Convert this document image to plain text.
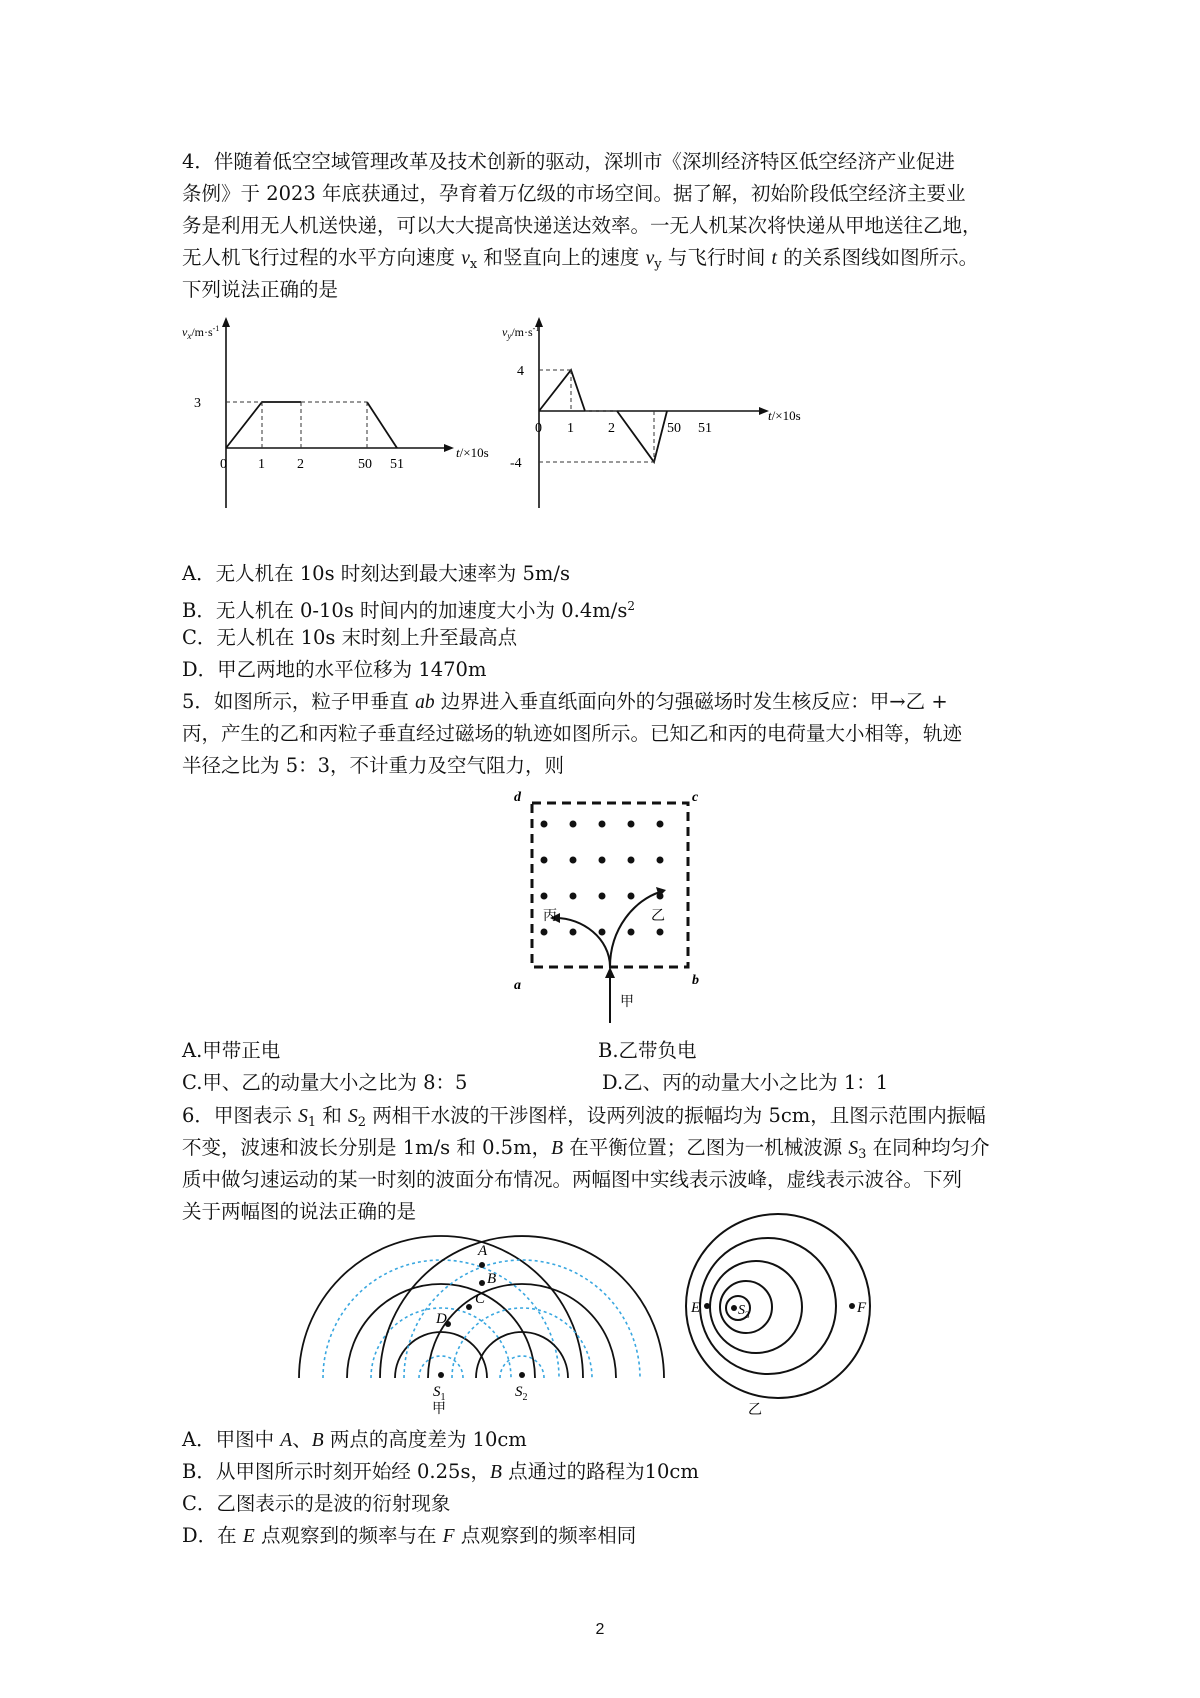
4．伴随着低空空域管理改革及技术创新的驱动，深圳市《深圳经济特区低空经济产业促进
条例》于 2023 年底获通过，孕育着万亿级的市场空间。据了解，初始阶段低空经济主要业
务是利用无人机送快递，可以大大提高快递送达效率。一无人机某次将快递从甲地送往乙地，
无人机飞行过程的水平方向速度 $v_x$ 和竖直向上的速度 $v_y$ 与飞行时间 t 的关系图线如图所示。
下列说法正确的是
$v_x/m\cdot s^{-1}$
3
0 1 2	50 51
t/×10s
$v_y/m\cdot s^{-1}$
4
-4
0 1 2	50 51
t/×10s
A．无人机在 10s 时刻达到最大速率为 5m/s
B．无人机在 0-10s 时间内的加速度大小为 $0.4m/s^2$
C．无人机在 10s 末时刻上升至最高点
D．甲乙两地的水平位移为 1470m
5．如图所示，粒子甲垂直 ab 边界进入垂直纸面向外的匀强磁场时发生核反应：甲→乙 +
丙，产生的乙和丙粒子垂直经过磁场的轨迹如图所示。已知乙和丙的电荷量大小相等，轨迹
半径之比为 5：3，不计重力及空气阻力，则
d	c
a	b
丙	乙
甲
A.甲带正电	B.乙带负电
C.甲、乙的动量大小之比为 8：5	D.乙、丙的动量大小之比为 1：1
6．甲图表示 $S_1$ 和 $S_2$ 两相干水波的干涉图样，设两列波的振幅均为 5cm，且图示范围内振幅
不变，波速和波长分别是 1m/s 和 0.5m，B 在平衡位置；乙图为一机械波源 $S_3$ 在同种均匀介
质中做匀速运动的某一时刻的波面分布情况。两幅图中实线表示波峰，虚线表示波谷。下列
关于两幅图的说法正确的是
A
B
C
D
$S_1$	$S_2$
甲
E	F
$S_3$
乙
A．甲图中 A、B 两点的高度差为 10cm
B．从甲图所示时刻开始经 0.25s，B 点通过的路程为10cm
C．乙图表示的是波的衍射现象
D．在 E 点观察到的频率与在 F 点观察到的频率相同
2
